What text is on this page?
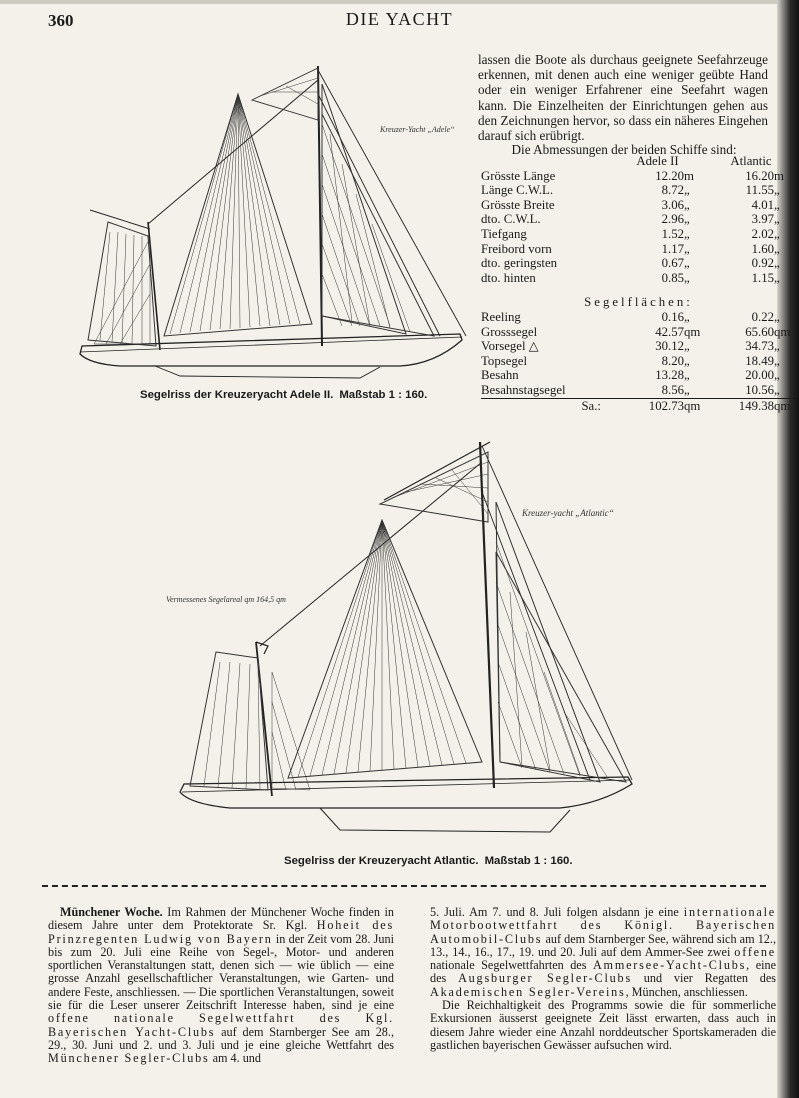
360	DIE YACHT
Kreuzer-Yacht „Adele“
Segelriss der Kreuzeryacht Adele II. Maßstab 1 : 160.

lassen die Boote als durchaus geeignete Seefahrzeuge erkennen, mit denen auch eine weniger geübte Hand oder ein weniger Erfahrener eine Seefahrt wagen kann. Die Einzelheiten der Einrichtungen gehen aus den Zeichnungen hervor, so dass ein näheres Eingehen darauf sich erübrigt.

Die Abmessungen der beiden Schiffe sind:

	Adele II		Atlantic	
Grösste Länge	12.20	m	16.20	m
Länge C.W.L.	8.72	„	11.55	„
Grösste Breite	3.06	„	4.01	„
dto. C.W.L.	2.96	„	3.97	„
Tiefgang	1.52	„	2.02	„
Freibord vorn	1.17	„	1.60	„
dto. geringsten	0.67	„	0.92	„
dto. hinten	0.85	„	1.15	„

Segelflächen:				
Reeling	0.16	„	0.22	„
Grosssegel	42.57	qm	65.60	qm
Vorsegel △	30.12	„	34.73	„
Topsegel	8.20	„	18.49	„
Besahn	13.28	„	20.00	„
Besahnstagsegel	8.56	„	10.56	„
Sa.:	102.73	qm	149.38	qm
Kreuzer-yacht „Atlantic“
Vermessenes Segelareal qm 164,5 qm
Segelriss der Kreuzeryacht Atlantic. Maßstab 1 : 160.

Münchener Woche. Im Rahmen der Münchener Woche finden in diesem Jahre unter dem Protektorate Sr. Kgl. Hoheit des Prinzregenten Ludwig von Bayern in der Zeit vom 28. Juni bis zum 20. Juli eine Reihe von Segel-, Motor- und anderen sportlichen Veranstaltungen statt, denen sich — wie üblich — eine grosse Anzahl gesellschaftlicher Veranstaltungen, wie Garten- und andere Feste, anschliessen. — Die sportlichen Veranstaltungen, soweit sie für die Leser unserer Zeitschrift Interesse haben, sind je eine offene nationale Segelwettfahrt des Kgl. Bayerischen Yacht-Clubs auf dem Starnberger See am 28., 29., 30. Juni und 2. und 3. Juli und je eine gleiche Wettfahrt des Münchener Segler-Clubs am 4. und

5. Juli. Am 7. und 8. Juli folgen alsdann je eine internationale Motorbootwettfahrt des Königl. Bayerischen Automobil-Clubs auf dem Starnberger See, während sich am 12., 13., 14., 16., 17., 19. und 20. Juli auf dem Ammer-See zwei offene nationale Segelwettfahrten des Ammersee-Yacht-Clubs, eine des Augsburger Segler-Clubs und vier Regatten des Akademischen Segler-Vereins, München, anschliessen.

Die Reichhaltigkeit des Programms sowie die für sommerliche Exkursionen äusserst geeignete Zeit lässt erwarten, dass auch in diesem Jahre wieder eine Anzahl norddeutscher Sportskameraden die gastlichen bayerischen Gewässer aufsuchen wird.
